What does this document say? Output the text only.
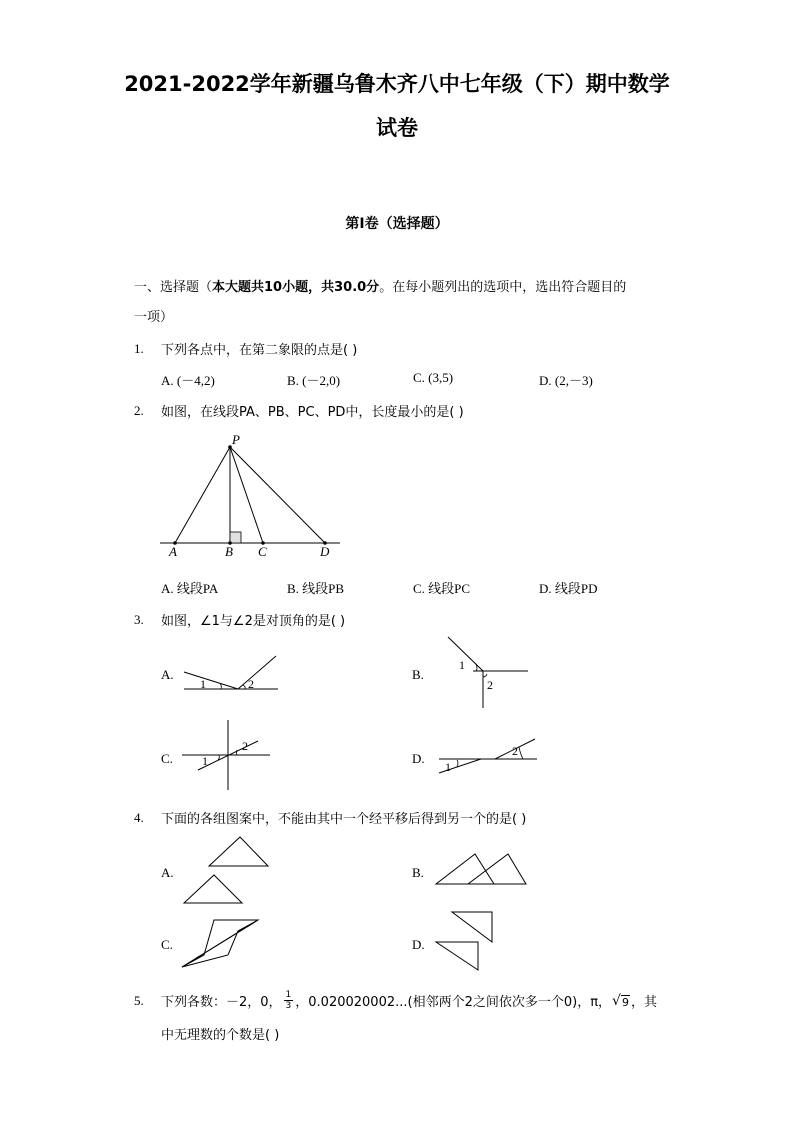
2021-2022学年新疆乌鲁木齐八中七年级（下）期中数学
试卷
第I卷（选择题）
一、选择题（本大题共10小题，共30.0分。在每小题列出的选项中，选出符合题目的
一项）
1. 下列各点中，在第二象限的点是( )
A. (－4,2)	B. (－2,0)	C. (3,5)	D. (2,－3)
2. 如图，在线段PA、PB、PC、PD中，长度最小的是( )
P
A	B C	D
A. 线段PA	B. 线段PB	C. 线段PC	D. 线段PD
3. 如图，∠1与∠2是对顶角的是( )
A.
1	2
B.
1
2
C. 1
2
D.
1
2
4. 下面的各组图案中，不能由其中一个经平移后得到另一个的是( )
A.	B.
C.	D.
5. 下列各数：－2，0， $\frac{1}{3}$ ，0.020020002...(相邻两个2之间依次多一个0)，π， √ 9 ，其
中无理数的个数是( )
